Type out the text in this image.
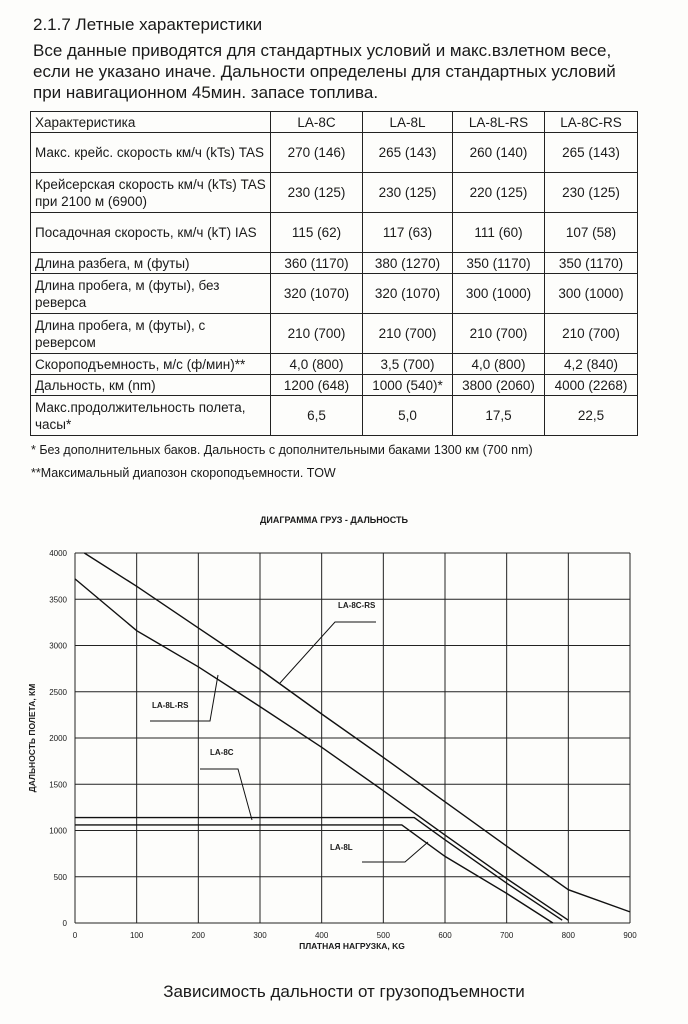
2.1.7 Летные характеристики
Все данные приводятся для стандартных условий и макс.взлетном весе,
если не указано иначе. Дальности определены для стандартных условий
при навигационном 45мин. запасе топлива.
Характеристика	LA-8C	LA-8L	LA-8L-RS	LA-8C-RS
Макс. крейс. скорость км/ч (kTs) TAS	270 (146)	265 (143)	260 (140)	265 (143)
Крейсерская скорость км/ч (kTs) TAS при 2100 м (6900)	230 (125)	230 (125)	220 (125)	230 (125)
Посадочная скорость, км/ч (kT) IAS	115 (62)	117 (63)	111 (60)	107 (58)
Длина разбега, м (футы)	360 (1170)	380 (1270)	350 (1170)	350 (1170)
Длина пробега, м (футы), без реверса	320 (1070)	320 (1070)	300 (1000)	300 (1000)
Длина пробега, м (футы), с реверсом	210 (700)	210 (700)	210 (700)	210 (700)
Скороподъемность, м/с (ф/мин)**	4,0 (800)	3,5 (700)	4,0 (800)	4,2 (840)
Дальность, км (nm)	1200 (648)	1000 (540)*	3800 (2060)	4000 (2268)
Макс.продолжительность полета, часы*	6,5	5,0	17,5	22,5
* Без дополнительных баков. Дальность с дополнительными баками 1300 км (700 nm)
**Максимальный диапозон скороподъемности. TOW
ДИАГРАММА ГРУЗ - ДАЛЬНОСТЬ
0	100	200	300	400	500	600	700	800	900
0
500
1000
1500
2000
2500
3000
3500
4000
LA-8C-RS
LA-8L-RS
LA-8C
LA-8L
ПЛАТНАЯ НАГРУЗКА, KG
ДАЛЬНОСТЬ ПОЛЕТА, КМ
Зависимость дальности от грузоподъемности
